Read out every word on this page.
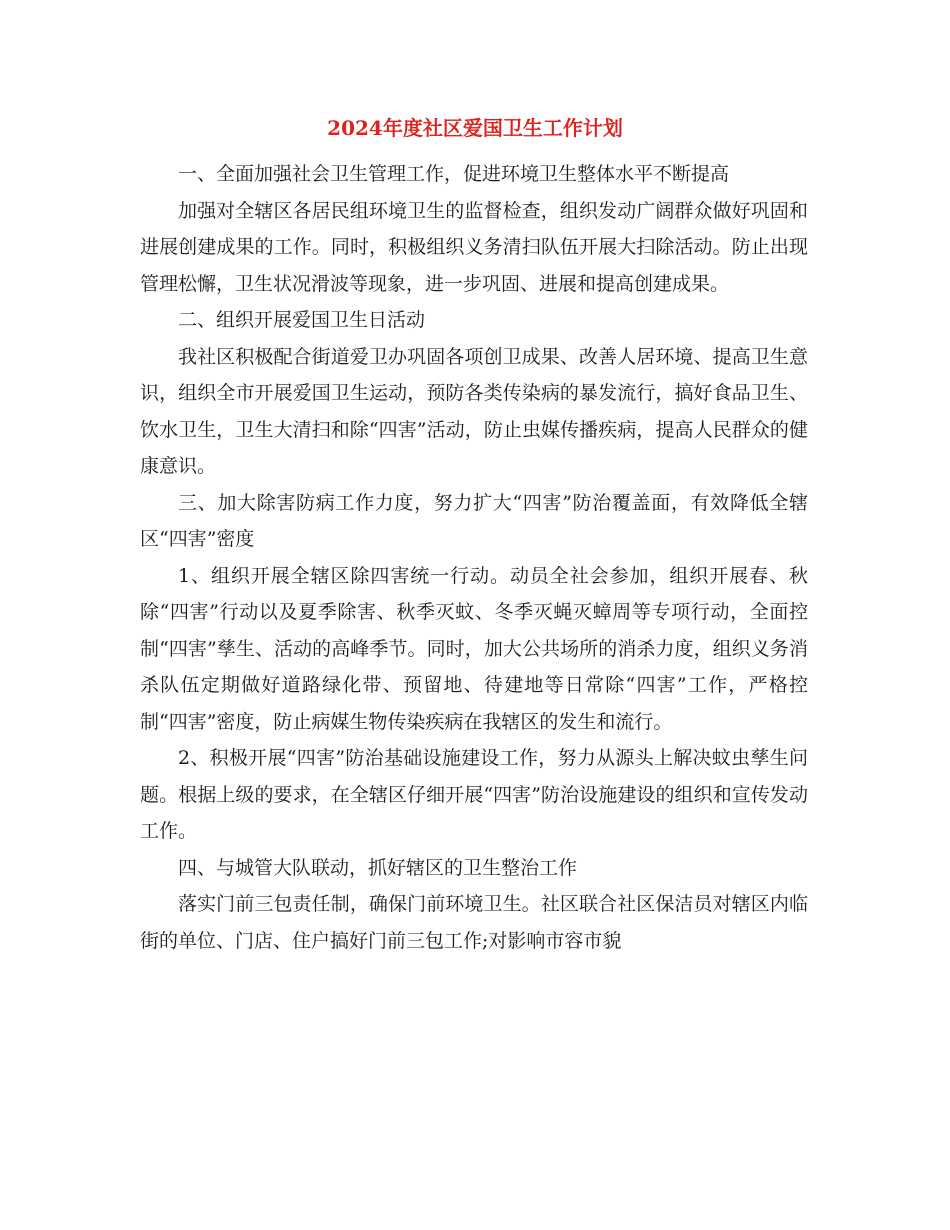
2024年度社区爱国卫生工作计划

一、全面加强社会卫生管理工作，促进环境卫生整体水平不断提高

加强对全辖区各居民组环境卫生的监督检查，组织发动广阔群众做好巩固和进展创建成果的工作。同时，积极组织义务清扫队伍开展大扫除活动。防止出现管理松懈，卫生状况滑波等现象，进一步巩固、进展和提高创建成果。

二、组织开展爱国卫生日活动

我社区积极配合街道爱卫办巩固各项创卫成果、改善人居环境、提高卫生意识，组织全市开展爱国卫生运动，预防各类传染病的暴发流行，搞好食品卫生、饮水卫生，卫生大清扫和除“四害”活动，防止虫媒传播疾病，提高人民群众的健康意识。

三、加大除害防病工作力度，努力扩大“四害”防治覆盖面，有效降低全辖区“四害”密度

1、组织开展全辖区除四害统一行动。动员全社会参加，组织开展春、秋除“四害”行动以及夏季除害、秋季灭蚊、冬季灭蝇灭蟑周等专项行动，全面控制“四害”孳生、活动的高峰季节。同时，加大公共场所的消杀力度，组织义务消杀队伍定期做好道路绿化带、预留地、待建地等日常除“四害”工作，严格控制“四害”密度，防止病媒生物传染疾病在我辖区的发生和流行。

2、积极开展“四害”防治基础设施建设工作，努力从源头上解决蚊虫孳生问题。根据上级的要求，在全辖区仔细开展“四害”防治设施建设的组织和宣传发动工作。

四、与城管大队联动，抓好辖区的卫生整治工作

落实门前三包责任制，确保门前环境卫生。社区联合社区保洁员对辖区内临街的单位、门店、住户搞好门前三包工作;对影响市容市貌
